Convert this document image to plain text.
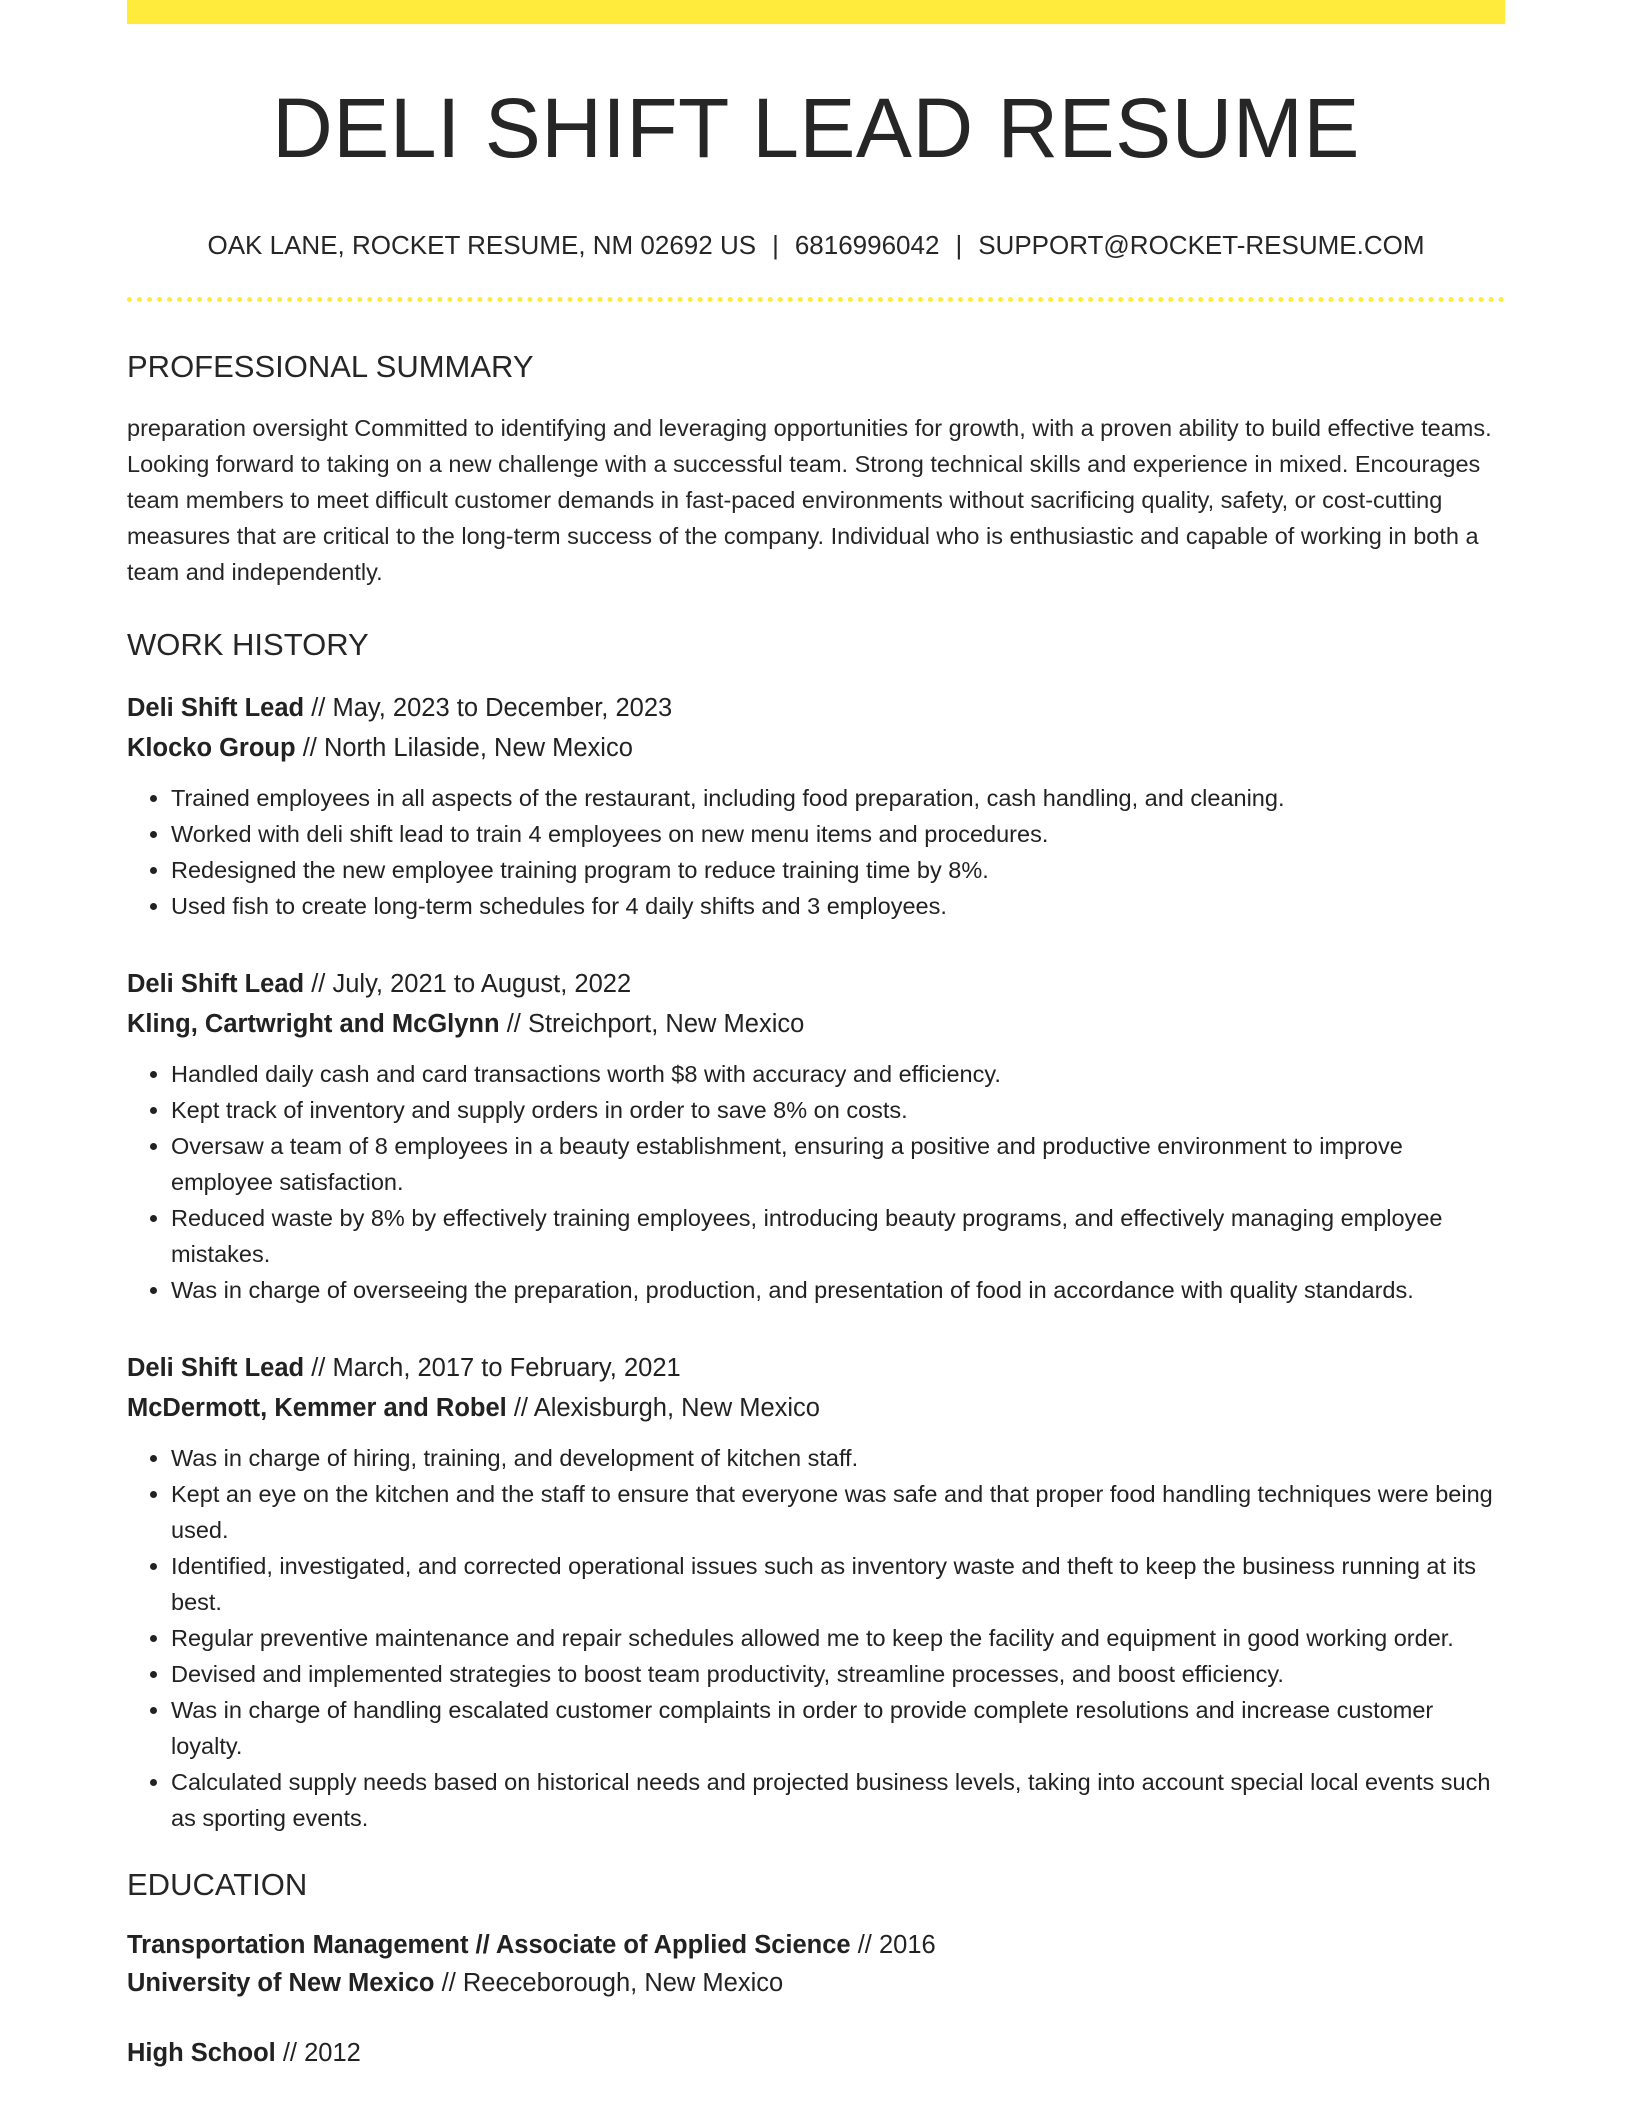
DELI SHIFT LEAD RESUME
OAK LANE, ROCKET RESUME, NM 02692 US | 6816996042 | SUPPORT@ROCKET-RESUME.COM
PROFESSIONAL SUMMARY

preparation oversight Committed to identifying and leveraging opportunities for growth, with a proven ability to build effective teams. Looking forward to taking on a new challenge with a successful team. Strong technical skills and experience in mixed. Encourages team members to meet difficult customer demands in fast-paced environments without sacrificing quality, safety, or cost-cutting measures that are critical to the long-term success of the company. Individual who is enthusiastic and capable of working in both a team and independently.

WORK HISTORY
Deli Shift Lead // May, 2023 to December, 2023
Klocko Group // North Lilaside, New Mexico
• Trained employees in all aspects of the restaurant, including food preparation, cash handling, and cleaning.
• Worked with deli shift lead to train 4 employees on new menu items and procedures.
• Redesigned the new employee training program to reduce training time by 8%.
• Used fish to create long-term schedules for 4 daily shifts and 3 employees.
Deli Shift Lead // July, 2021 to August, 2022
Kling, Cartwright and McGlynn // Streichport, New Mexico
• Handled daily cash and card transactions worth $8 with accuracy and efficiency.
• Kept track of inventory and supply orders in order to save 8% on costs.
• Oversaw a team of 8 employees in a beauty establishment, ensuring a positive and productive environment to improve employee satisfaction.
• Reduced waste by 8% by effectively training employees, introducing beauty programs, and effectively managing employee mistakes.
• Was in charge of overseeing the preparation, production, and presentation of food in accordance with quality standards.
Deli Shift Lead // March, 2017 to February, 2021
McDermott, Kemmer and Robel // Alexisburgh, New Mexico
• Was in charge of hiring, training, and development of kitchen staff.
• Kept an eye on the kitchen and the staff to ensure that everyone was safe and that proper food handling techniques were being used.
• Identified, investigated, and corrected operational issues such as inventory waste and theft to keep the business running at its best.
• Regular preventive maintenance and repair schedules allowed me to keep the facility and equipment in good working order.
• Devised and implemented strategies to boost team productivity, streamline processes, and boost efficiency.
• Was in charge of handling escalated customer complaints in order to provide complete resolutions and increase customer loyalty.
• Calculated supply needs based on historical needs and projected business levels, taking into account special local events such as sporting events.
EDUCATION
Transportation Management // Associate of Applied Science // 2016
University of New Mexico // Reeceborough, New Mexico
High School // 2012
